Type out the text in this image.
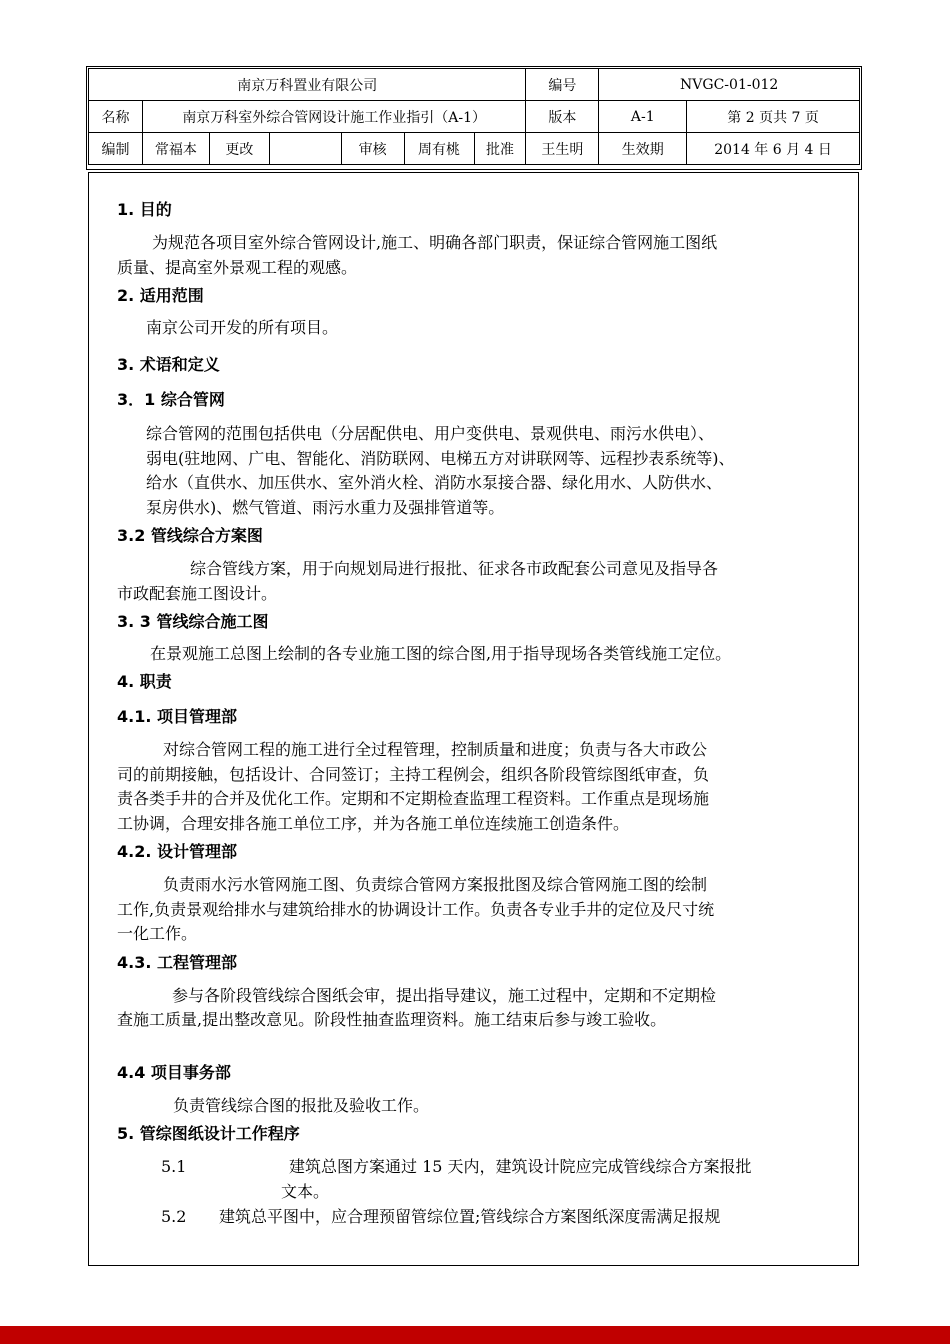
南京万科置业有限公司							编号	NVGC-01-012	
名称	南京万科室外综合管网设计施工作业指引（A-1）						版本	A-1	第 2 页共 7 页
编制	常福本	更改		审核	周有桃	批准	王生明	生效期	2014 年 6 月 4 日
1. 目的
为规范各项目室外综合管网设计,施工、明确各部门职责，保证综合管网施工图纸
质量、提高室外景观工程的观感。
2. 适用范围
南京公司开发的所有项目。
3. 术语和定义
3．1 综合管网
综合管网的范围包括供电（分居配供电、用户变供电、景观供电、雨污水供电）、
弱电(驻地网、广电、智能化、消防联网、电梯五方对讲联网等、远程抄表系统等)、
给水（直供水、加压供水、室外消火栓、消防水泵接合器、绿化用水、人防供水、
泵房供水)、燃气管道、雨污水重力及强排管道等。
3.2 管线综合方案图
综合管线方案，用于向规划局进行报批、征求各市政配套公司意见及指导各
市政配套施工图设计。
3. 3 管线综合施工图
在景观施工总图上绘制的各专业施工图的综合图,用于指导现场各类管线施工定位。
4. 职责
4.1. 项目管理部
对综合管网工程的施工进行全过程管理，控制质量和进度；负责与各大市政公
司的前期接触，包括设计、合同签订；主持工程例会，组织各阶段管综图纸审查，负
责各类手井的合并及优化工作。定期和不定期检查监理工程资料。工作重点是现场施
工协调，合理安排各施工单位工序，并为各施工单位连续施工创造条件。
4.2. 设计管理部
负责雨水污水管网施工图、负责综合管网方案报批图及综合管网施工图的绘制
工作,负责景观给排水与建筑给排水的协调设计工作。负责各专业手井的定位及尺寸统
一化工作。
4.3. 工程管理部
参与各阶段管线综合图纸会审，提出指导建议，施工过程中，定期和不定期检
查施工质量,提出整改意见。阶段性抽查监理资料。施工结束后参与竣工验收。
4.4 项目事务部
负责管线综合图的报批及验收工作。
5. 管综图纸设计工作程序
5.1	建筑总图方案通过 15 天内，建筑设计院应完成管线综合方案报批
文本。
5.2 建筑总平图中，应合理预留管综位置;管线综合方案图纸深度需满足报规
